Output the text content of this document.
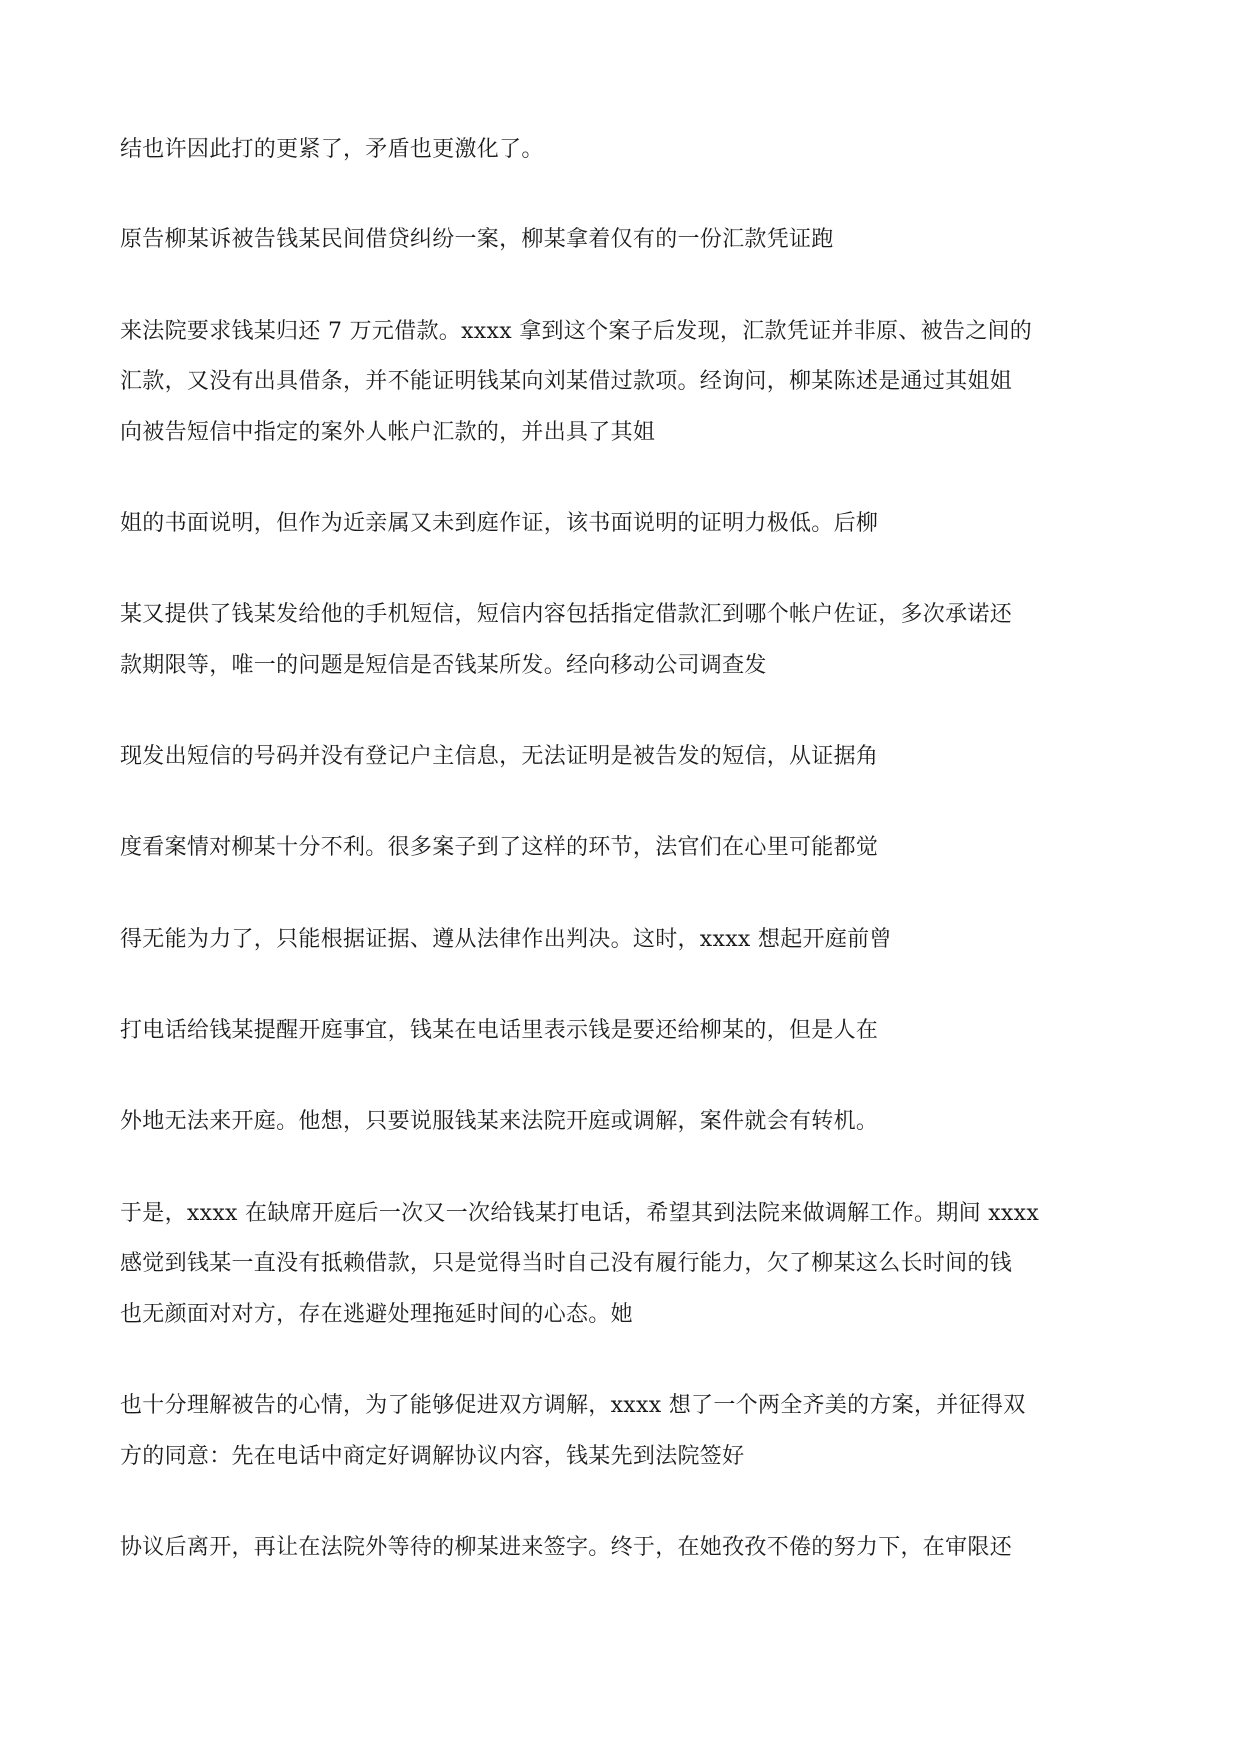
结也许因此打的更紧了，矛盾也更激化了。
原告柳某诉被告钱某民间借贷纠纷一案，柳某拿着仅有的一份汇款凭证跑
来法院要求钱某归还 7 万元借款。xxxx 拿到这个案子后发现，汇款凭证并非原、被告之间的
汇款，又没有出具借条，并不能证明钱某向刘某借过款项。经询问，柳某陈述是通过其姐姐
向被告短信中指定的案外人帐户汇款的，并出具了其姐
姐的书面说明，但作为近亲属又未到庭作证，该书面说明的证明力极低。后柳
某又提供了钱某发给他的手机短信，短信内容包括指定借款汇到哪个帐户佐证，多次承诺还
款期限等，唯一的问题是短信是否钱某所发。经向移动公司调查发
现发出短信的号码并没有登记户主信息，无法证明是被告发的短信，从证据角
度看案情对柳某十分不利。很多案子到了这样的环节，法官们在心里可能都觉
得无能为力了，只能根据证据、遵从法律作出判决。这时，xxxx 想起开庭前曾
打电话给钱某提醒开庭事宜，钱某在电话里表示钱是要还给柳某的，但是人在
外地无法来开庭。他想，只要说服钱某来法院开庭或调解，案件就会有转机。
于是，xxxx 在缺席开庭后一次又一次给钱某打电话，希望其到法院来做调解工作。期间 xxxx
感觉到钱某一直没有抵赖借款，只是觉得当时自己没有履行能力，欠了柳某这么长时间的钱
也无颜面对对方，存在逃避处理拖延时间的心态。她
也十分理解被告的心情，为了能够促进双方调解，xxxx 想了一个两全齐美的方案，并征得双
方的同意：先在电话中商定好调解协议内容，钱某先到法院签好
协议后离开，再让在法院外等待的柳某进来签字。终于，在她孜孜不倦的努力下，在审限还
